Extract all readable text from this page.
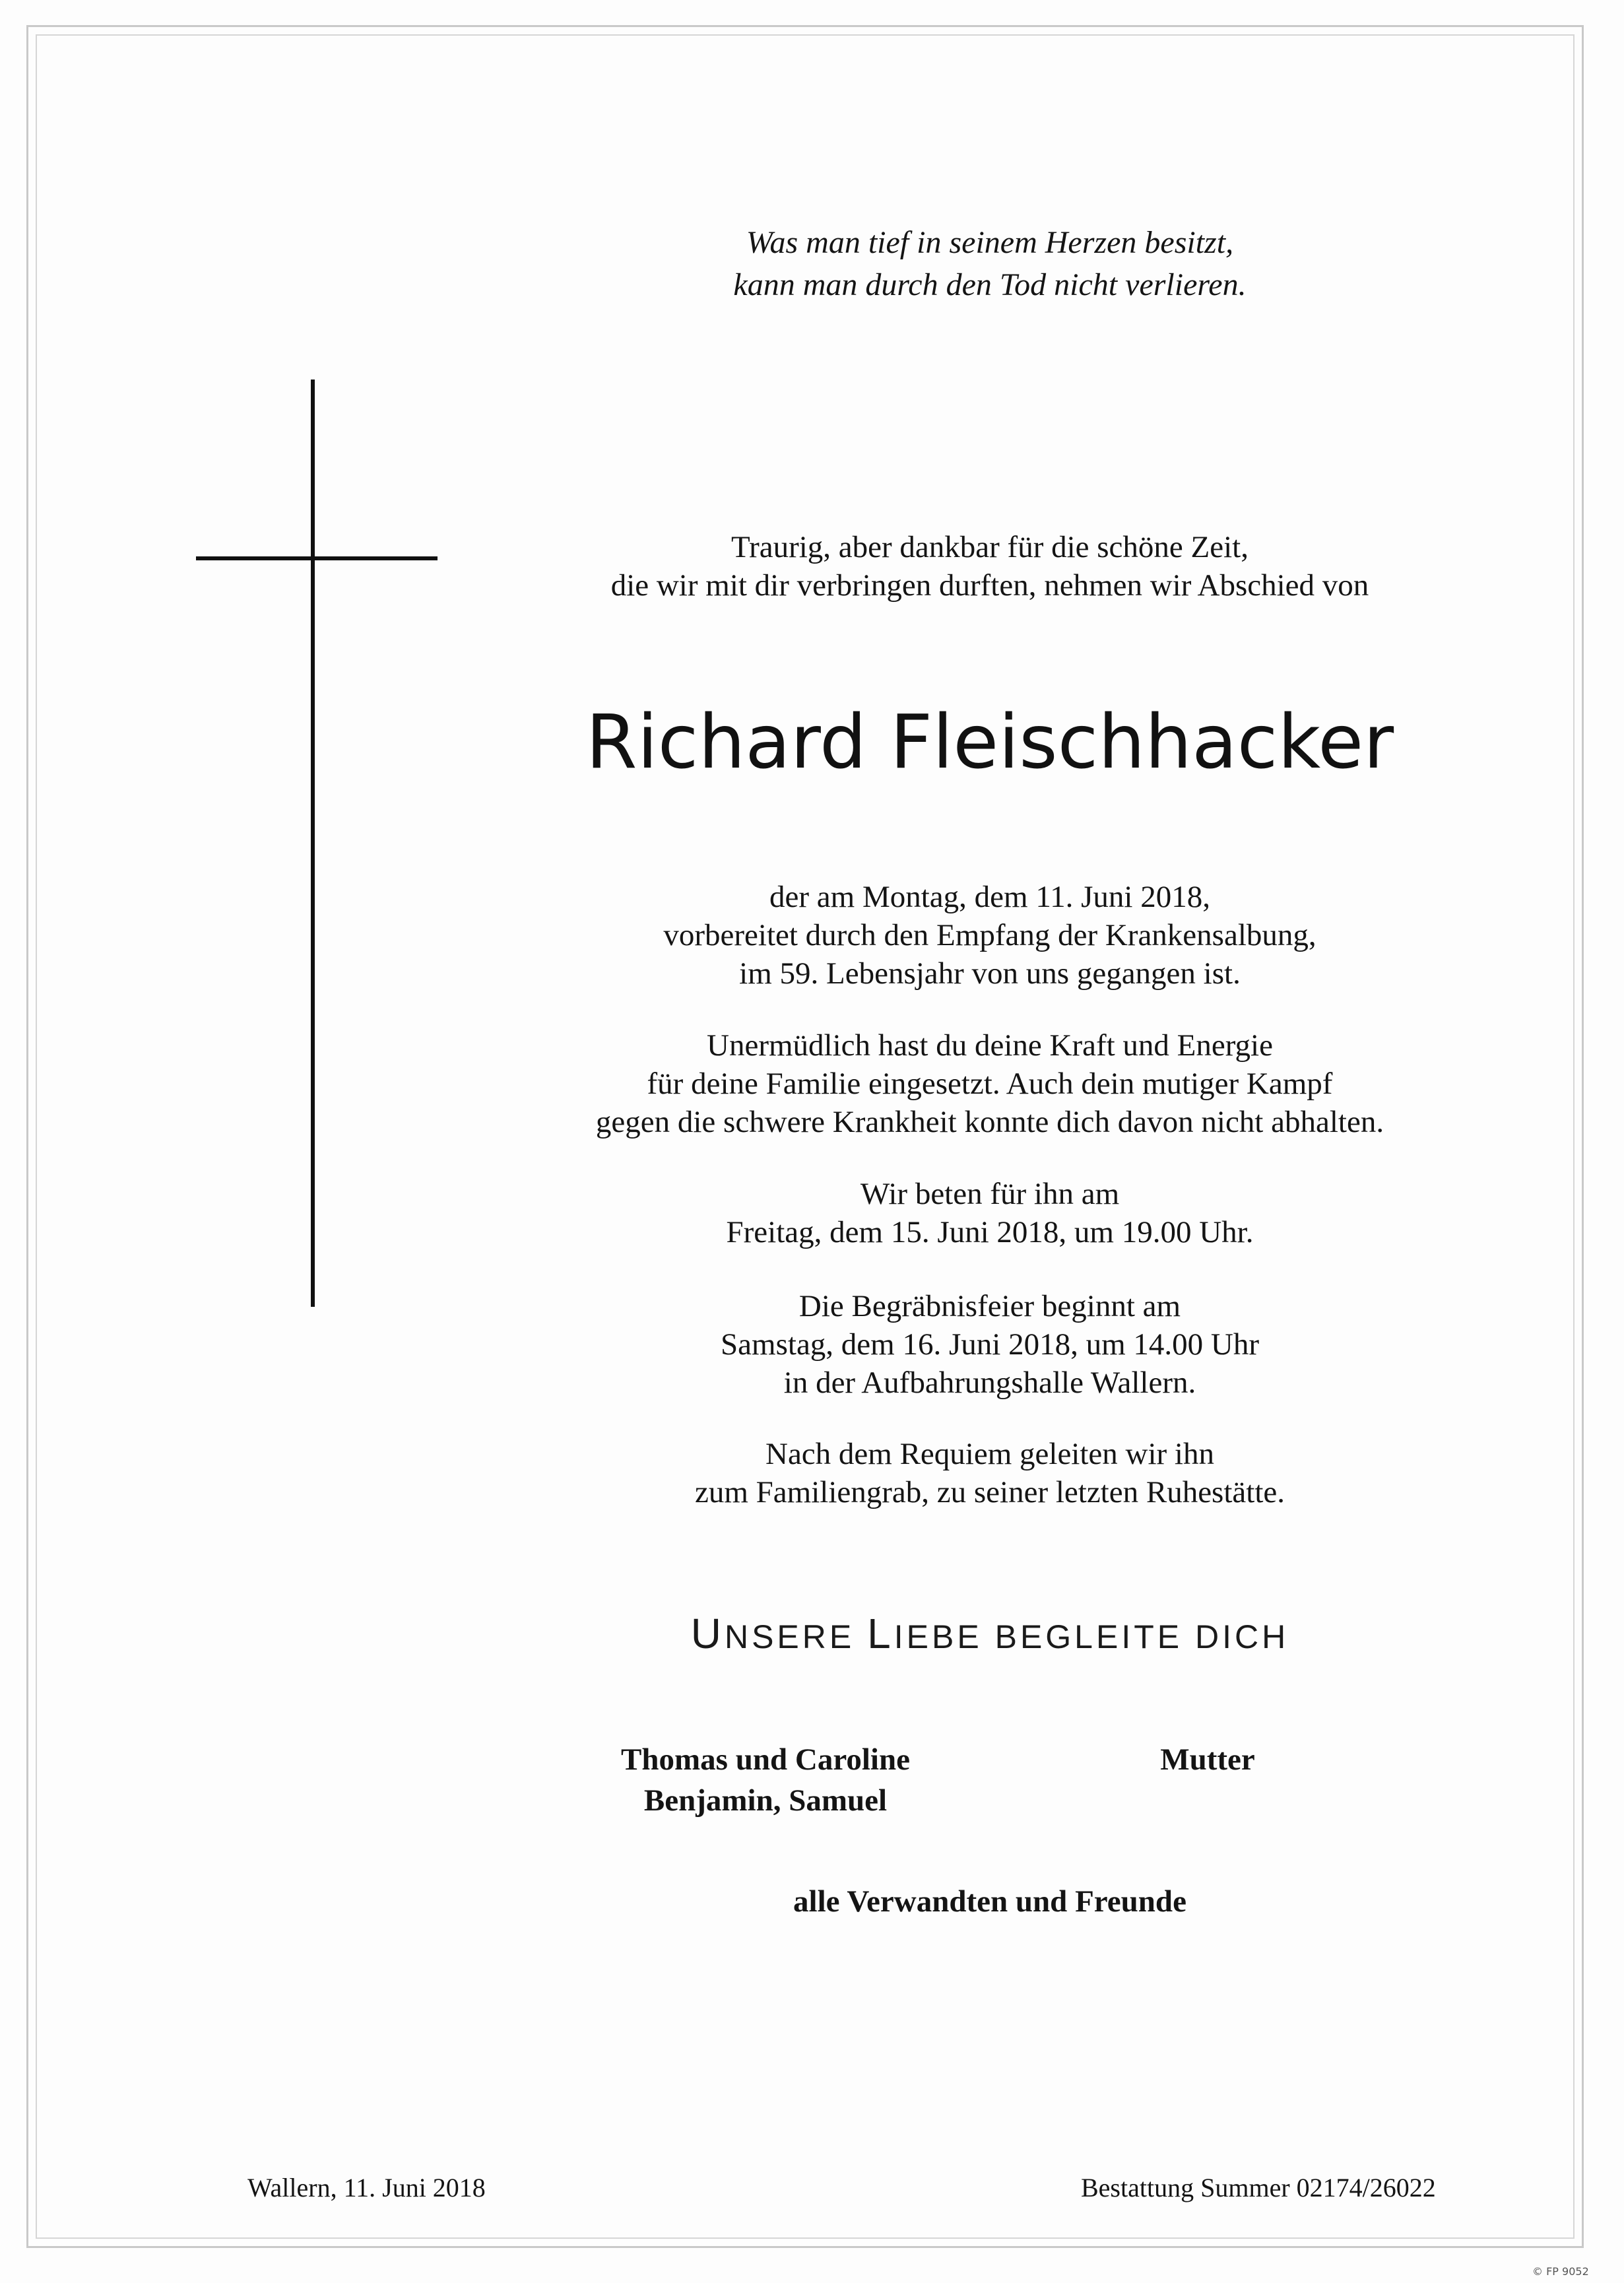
Was man tief in seinem Herzen besitzt,
kann man durch den Tod nicht verlieren.
Traurig, aber dankbar für die schöne Zeit,
die wir mit dir verbringen durften, nehmen wir Abschied von
Richard Fleischhacker
der am Montag, dem 11. Juni 2018,
vorbereitet durch den Empfang der Krankensalbung,
im 59. Lebensjahr von uns gegangen ist.
Unermüdlich hast du deine Kraft und Energie
für deine Familie eingesetzt. Auch dein mutiger Kampf
gegen die schwere Krankheit konnte dich davon nicht abhalten.
Wir beten für ihn am
Freitag, dem 15. Juni 2018, um 19.00 Uhr.
Die Begräbnisfeier beginnt am
Samstag, dem 16. Juni 2018, um 14.00 Uhr
in der Aufbahrungshalle Wallern.
Nach dem Requiem geleiten wir ihn
zum Familiengrab, zu seiner letzten Ruhestätte.
UNSERE LIEBE BEGLEITE DICH
Thomas und Caroline
Benjamin, Samuel
Mutter
alle Verwandten und Freunde
Wallern, 11. Juni 2018	Bestattung Summer 02174/26022
© FP 9052
